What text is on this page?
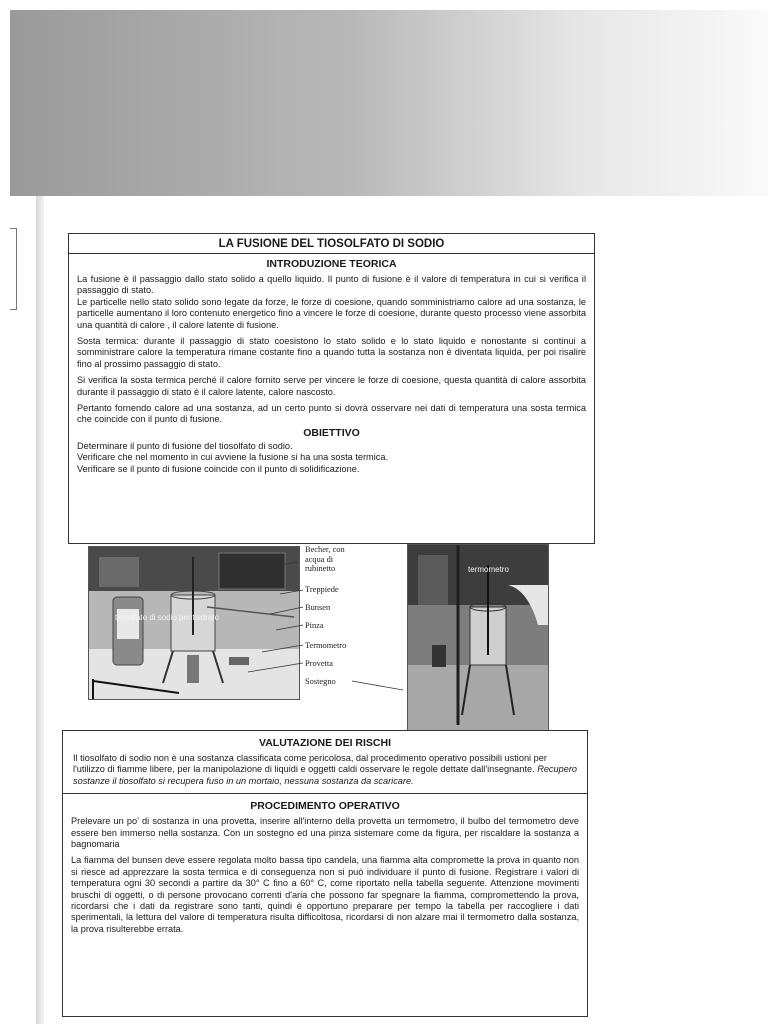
LA FUSIONE DEL TIOSOLFATO DI SODIO
INTRODUZIONE TEORICA

La fusione è il passaggio dallo stato solido a quello liquido. Il punto di fusione è il valore di temperatura in cui si verifica il passaggio di stato.

Le particelle nello stato solido sono legate da forze, le forze di coesione, quando somministriamo calore ad una sostanza, le particelle aumentano il loro contenuto energetico fino a vincere le forze di coesione, durante questo processo viene assorbita una quantità di calore , il calore latente di fusione.

Sosta termica: durante il passaggio di stato coesistono lo stato solido e lo stato liquido e nonostante si continui a somministrare calore la temperatura rimane costante fino a quando tutta la sostanza non è diventata liquida, per poi risalire fino al prossimo passaggio di stato.

Si verifica la sosta termica perché il calore fornito serve per vincere le forze di coesione, questa quantità di calore assorbita durante il passaggio di stato è il calore latente, calore nascosto.

Pertanto fornendo calore ad una sostanza, ad un certo punto si dovrà osservare nei dati di temperatura una sosta termica che coincide con il punto di fusione.

OBIETTIVO
Determinare il punto di fusione del tiosolfato di sodio.
Verificare che nel momento in cui avviene la fusione si ha una sosta termica.
Verificare se il punto di fusione coincide con il punto di solidificazione.
tiosolfato di sodio pentaidrato
Becher, con acqua di rubinetto
Treppiede
Bunsen
Pinza
Termometro
Provetta
Sostegno
termometro
VALUTAZIONE DEI RISCHI
Il tiosolfato di sodio non è una sostanza classificata come pericolosa, dal procedimento operativo possibili ustioni per l'utilizzo di fiamme libere, per la manipolazione di liquidi e oggetti caldi osservare le regole dettate dall'insegnante. Recupero sostanze il tiosolfato si recupera fuso in un mortaio, nessuna sostanza da scaricare.
PROCEDIMENTO OPERATIVO

Prelevare un po' di sostanza in una provetta, inserire all'interno della provetta un termometro, il bulbo del termometro deve essere ben immerso nella sostanza. Con un sostegno ed una pinza sistemare come da figura, per riscaldare la sostanza a bagnomaria

La fiamma del bunsen deve essere regolata molto bassa tipo candela, una fiamma alta compromette la prova in quanto non si riesce ad apprezzare la sosta termica e di conseguenza non si può individuare il punto di fusione. Registrare i valori di temperatura ogni 30 secondi a partire da 30° C fino a 60° C, come riportato nella tabella seguente. Attenzione movimenti bruschi di oggetti, o di persone provocano correnti d'aria che possono far spegnare la fiamma, compromettendo la prova, ricordarsi che i dati da registrare sono tanti, quindi è opportuno preparare per tempo la tabella per raccogliere i dati sperimentali, la lettura del valore di temperatura risulta difficoltosa, ricordarsi di non alzare mai il termometro dalla sostanza, la prova risulterebbe errata.
